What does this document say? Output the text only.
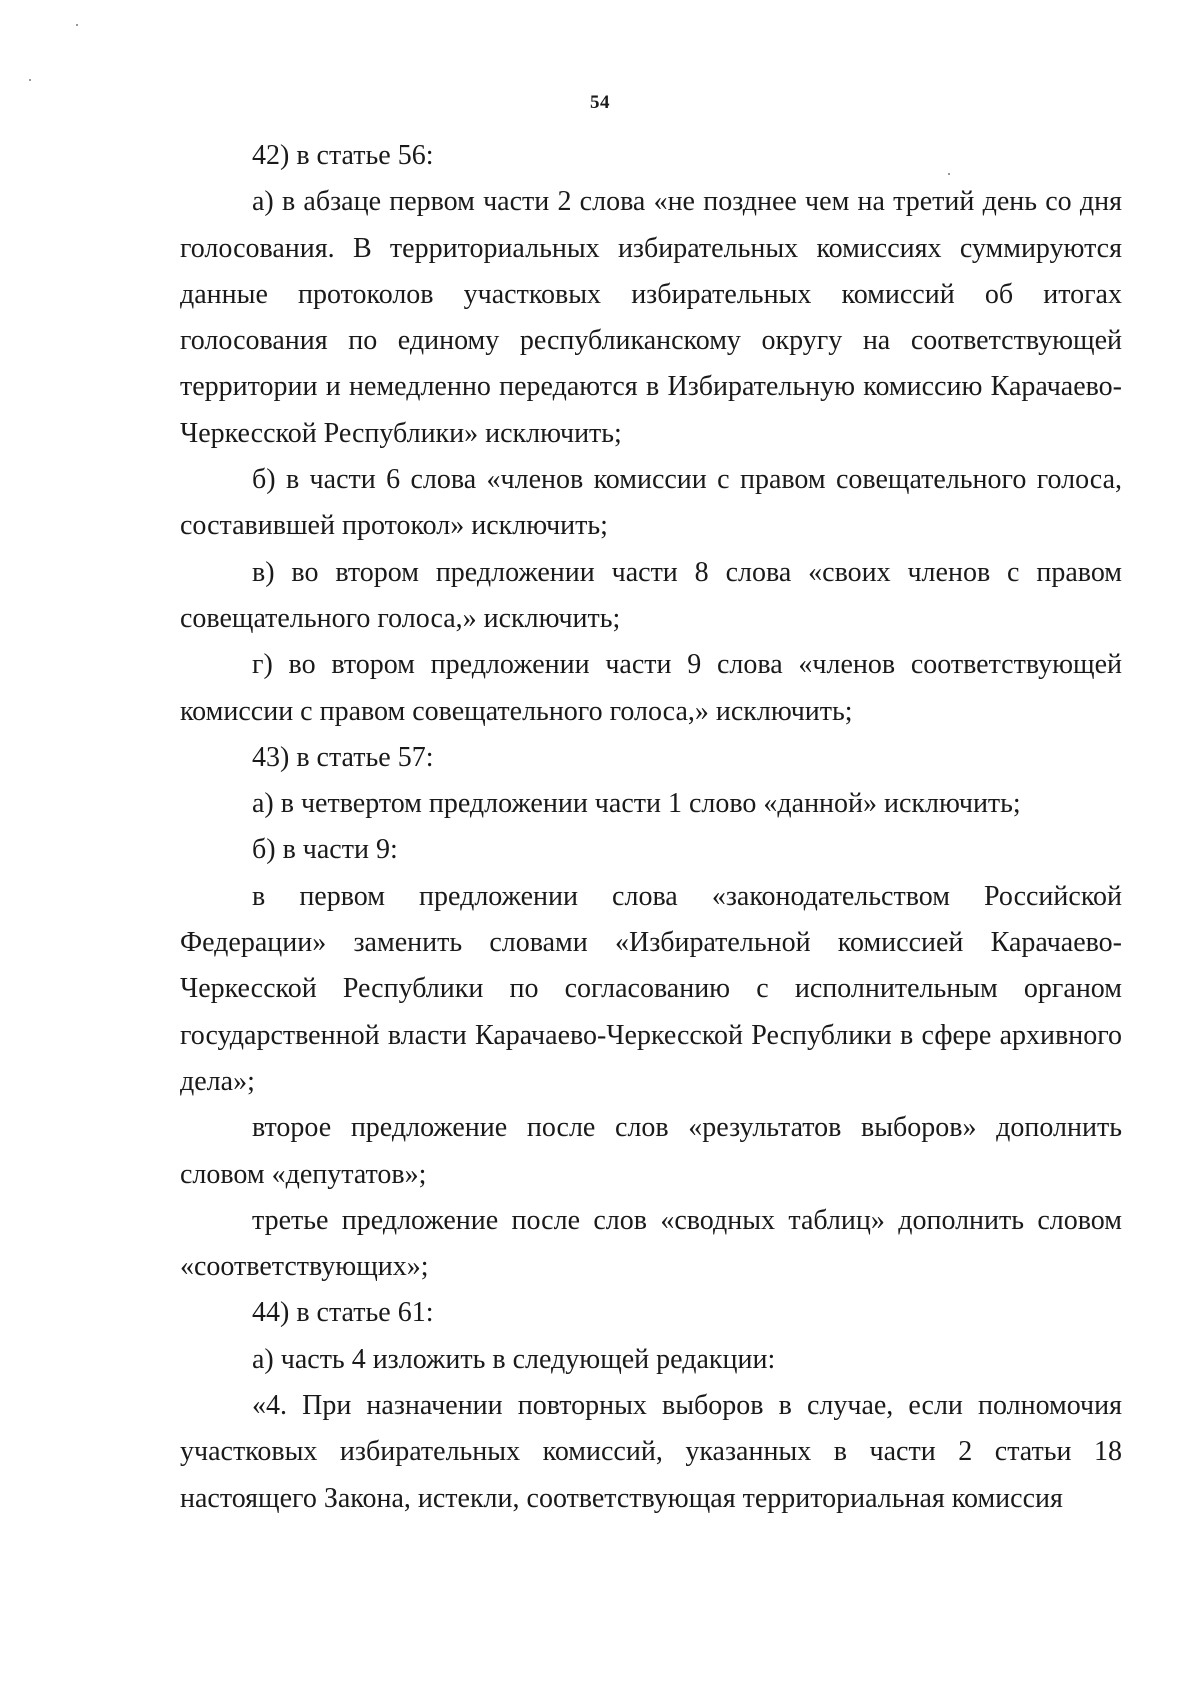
54

42) в статье 56:

а) в абзаце первом части 2 слова «не позднее чем на третий день со дня голосования. В территориальных избирательных комиссиях суммируются данные протоколов участковых избирательных комиссий об итогах голосования по единому республиканскому округу на соответствующей территории и немедленно передаются в Избирательную комиссию Карачаево-Черкесской Республики» исключить;

б) в части 6 слова «членов комиссии с правом совещательного голоса, составившей протокол» исключить;

в) во втором предложении части 8 слова «своих членов с правом совещательного голоса,» исключить;

г) во втором предложении части 9 слова «членов соответствующей комиссии с правом совещательного голоса,» исключить;

43) в статье 57:

а) в четвертом предложении части 1 слово «данной» исключить;

б) в части 9:

в первом предложении слова «законодательством Российской Федерации» заменить словами «Избирательной комиссией Карачаево-Черкесской Республики по согласованию с исполнительным органом государственной власти Карачаево-Черкесской Республики в сфере архивного дела»;

второе предложение после слов «результатов выборов» дополнить словом «депутатов»;

третье предложение после слов «сводных таблиц» дополнить словом «соответствующих»;

44) в статье 61:

а) часть 4 изложить в следующей редакции:

«4. При назначении повторных выборов в случае, если полномочия участковых избирательных комиссий, указанных в части 2 статьи 18 настоящего Закона, истекли, соответствующая территориальная комиссия
